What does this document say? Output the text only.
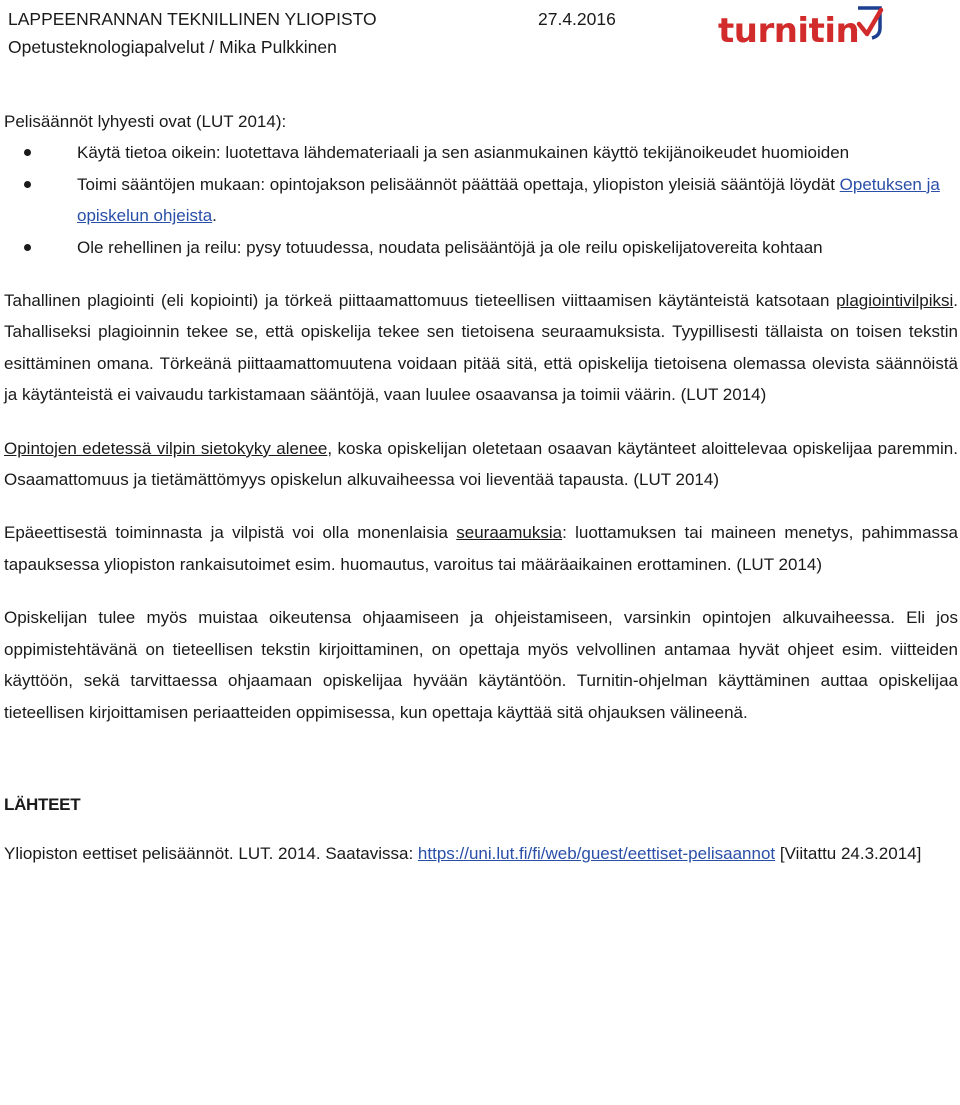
LAPPEENRANNAN TEKNILLINEN YLIOPISTO	27.4.2016
Opetusteknologiapalvelut / Mika Pulkkinen	turnitin

Pelisäännöt lyhyesti ovat (LUT 2014):

Käytä tietoa oikein: luotettava lähdemateriaali ja sen asianmukainen käyttö tekijänoikeudet huomioiden
Toimi sääntöjen mukaan: opintojakson pelisäännöt päättää opettaja, yliopiston yleisiä sääntöjä löydät Opetuksen ja opiskelun ohjeista.
Ole rehellinen ja reilu: pysy totuudessa, noudata pelisääntöjä ja ole reilu opiskelijatovereita kohtaan

Tahallinen plagiointi (eli kopiointi) ja törkeä piittaamattomuus tieteellisen viittaamisen käytänteistä katsotaan plagiointivilpiksi. Tahalliseksi plagioinnin tekee se, että opiskelija tekee sen tietoisena seuraamuksista. Tyypillisesti tällaista on toisen tekstin esittäminen omana. Törkeänä piittaamattomuutena voidaan pitää sitä, että opiskelija tietoisena olemassa olevista säännöistä ja käytänteistä ei vaivaudu tarkistamaan sääntöjä, vaan luulee osaavansa ja toimii väärin. (LUT 2014)

Opintojen edetessä vilpin sietokyky alenee, koska opiskelijan oletetaan osaavan käytänteet aloittelevaa opiskelijaa paremmin. Osaamattomuus ja tietämättömyys opiskelun alkuvaiheessa voi lieventää tapausta. (LUT 2014)

Epäeettisestä toiminnasta ja vilpistä voi olla monenlaisia seuraamuksia: luottamuksen tai maineen menetys, pahimmassa tapauksessa yliopiston rankaisutoimet esim. huomautus, varoitus tai määräaikainen erottaminen. (LUT 2014)

Opiskelijan tulee myös muistaa oikeutensa ohjaamiseen ja ohjeistamiseen, varsinkin opintojen alkuvaiheessa. Eli jos oppimistehtävänä on tieteellisen tekstin kirjoittaminen, on opettaja myös velvollinen antamaa hyvät ohjeet esim. viitteiden käyttöön, sekä tarvittaessa ohjaamaan opiskelijaa hyvään käytäntöön. Turnitin-ohjelman käyttäminen auttaa opiskelijaa tieteellisen kirjoittamisen periaatteiden oppimisessa, kun opettaja käyttää sitä ohjauksen välineenä.

LÄHTEET

Yliopiston eettiset pelisäännöt. LUT. 2014. Saatavissa: https://uni.lut.fi/fi/web/guest/eettiset-pelisaannot [Viitattu 24.3.2014]
